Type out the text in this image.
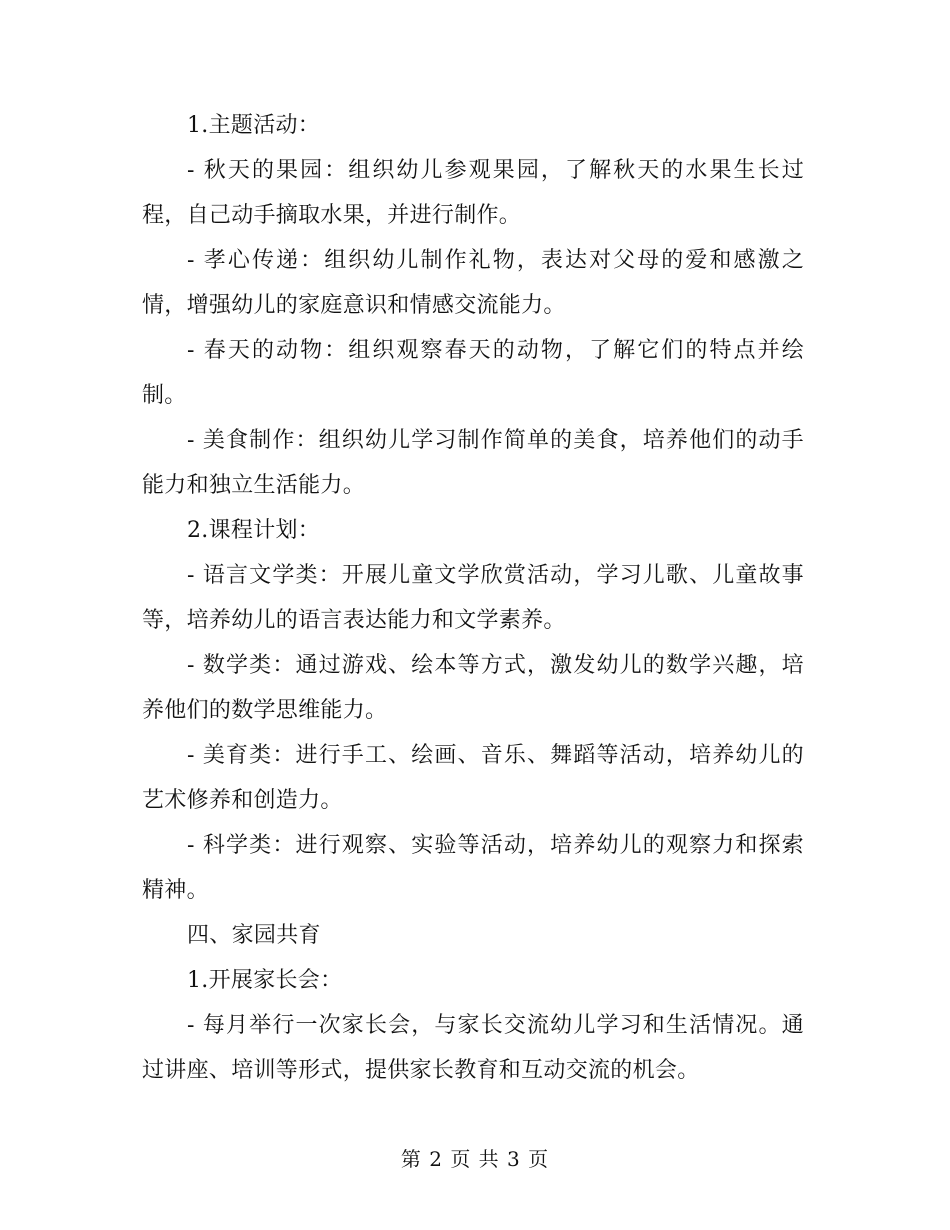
1.主题活动：

- 秋天的果园：组织幼儿参观果园，了解秋天的水果生长过程，自己动手摘取水果，并进行制作。

- 孝心传递：组织幼儿制作礼物，表达对父母的爱和感激之情，增强幼儿的家庭意识和情感交流能力。

- 春天的动物：组织观察春天的动物，了解它们的特点并绘制。

- 美食制作：组织幼儿学习制作简单的美食，培养他们的动手能力和独立生活能力。

2.课程计划：

- 语言文学类：开展儿童文学欣赏活动，学习儿歌、儿童故事等，培养幼儿的语言表达能力和文学素养。

- 数学类：通过游戏、绘本等方式，激发幼儿的数学兴趣，培养他们的数学思维能力。

- 美育类：进行手工、绘画、音乐、舞蹈等活动，培养幼儿的艺术修养和创造力。

- 科学类：进行观察、实验等活动，培养幼儿的观察力和探索精神。

四、家园共育

1.开展家长会：

- 每月举行一次家长会，与家长交流幼儿学习和生活情况。通过讲座、培训等形式，提供家长教育和互动交流的机会。

第 2 页 共 3 页
